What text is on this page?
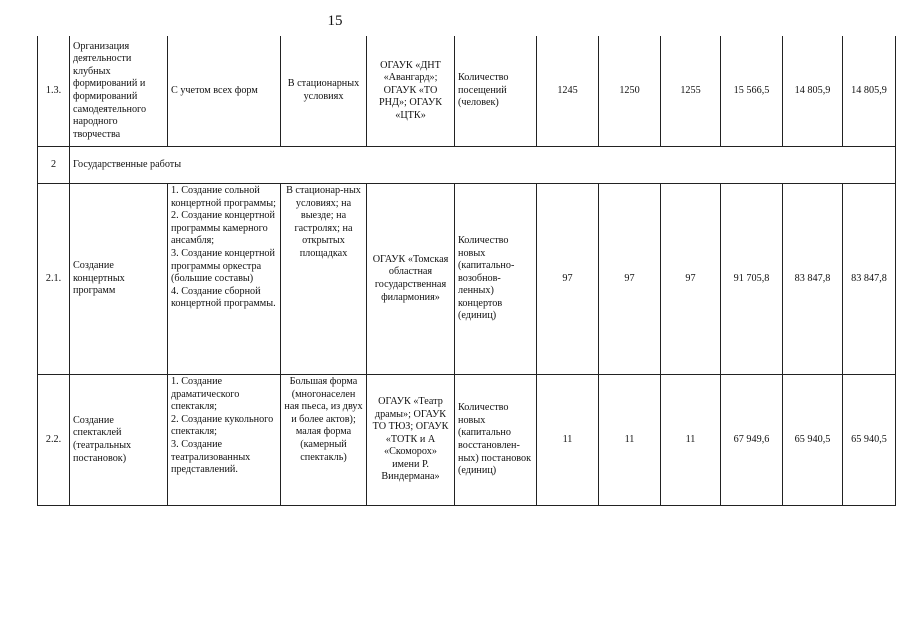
15
1.3.	Организация деятельности клубных формирований и формирований самодеятельного народного творчества	С учетом всех форм	В стационарных условиях	ОГАУК «ДНТ «Авангард»; ОГАУК «ТО РНД»; ОГАУК «ЦТК»	Количество посещений (человек)	1245	1250	1255	15 566,5	14 805,9	14 805,9
2	Государственные работы										
2.1.	Создание концертных программ	1. Создание сольной концертной программы;
2. Создание концертной программы камерного ансамбля;
3. Создание концертной программы оркестра (большие составы)
4. Создание сборной концертной программы.	В стационар-ных условиях; на выезде; на гастролях; на открытых площадках	ОГАУК «Томская областная государственная филармония»	Количество новых (капитально-возобнов-ленных) концертов (единиц)	97	97	97	91 705,8	83 847,8	83 847,8
2.2.	Создание спектаклей (театральных постановок)	1. Создание драматического спектакля;
2. Создание кукольного спектакля;
3. Создание театрализованных представлений.	Большая форма (многонаселен ная пьеса, из двух и более актов); малая форма (камерный спектакль)	ОГАУК «Театр драмы»; ОГАУК ТО ТЮЗ; ОГАУК «ТОТК и А «Скоморох» имени Р. Виндермана»	Количество новых (капитально восстановлен-ных) постановок (единиц)	11	11	11	67 949,6	65 940,5	65 940,5
